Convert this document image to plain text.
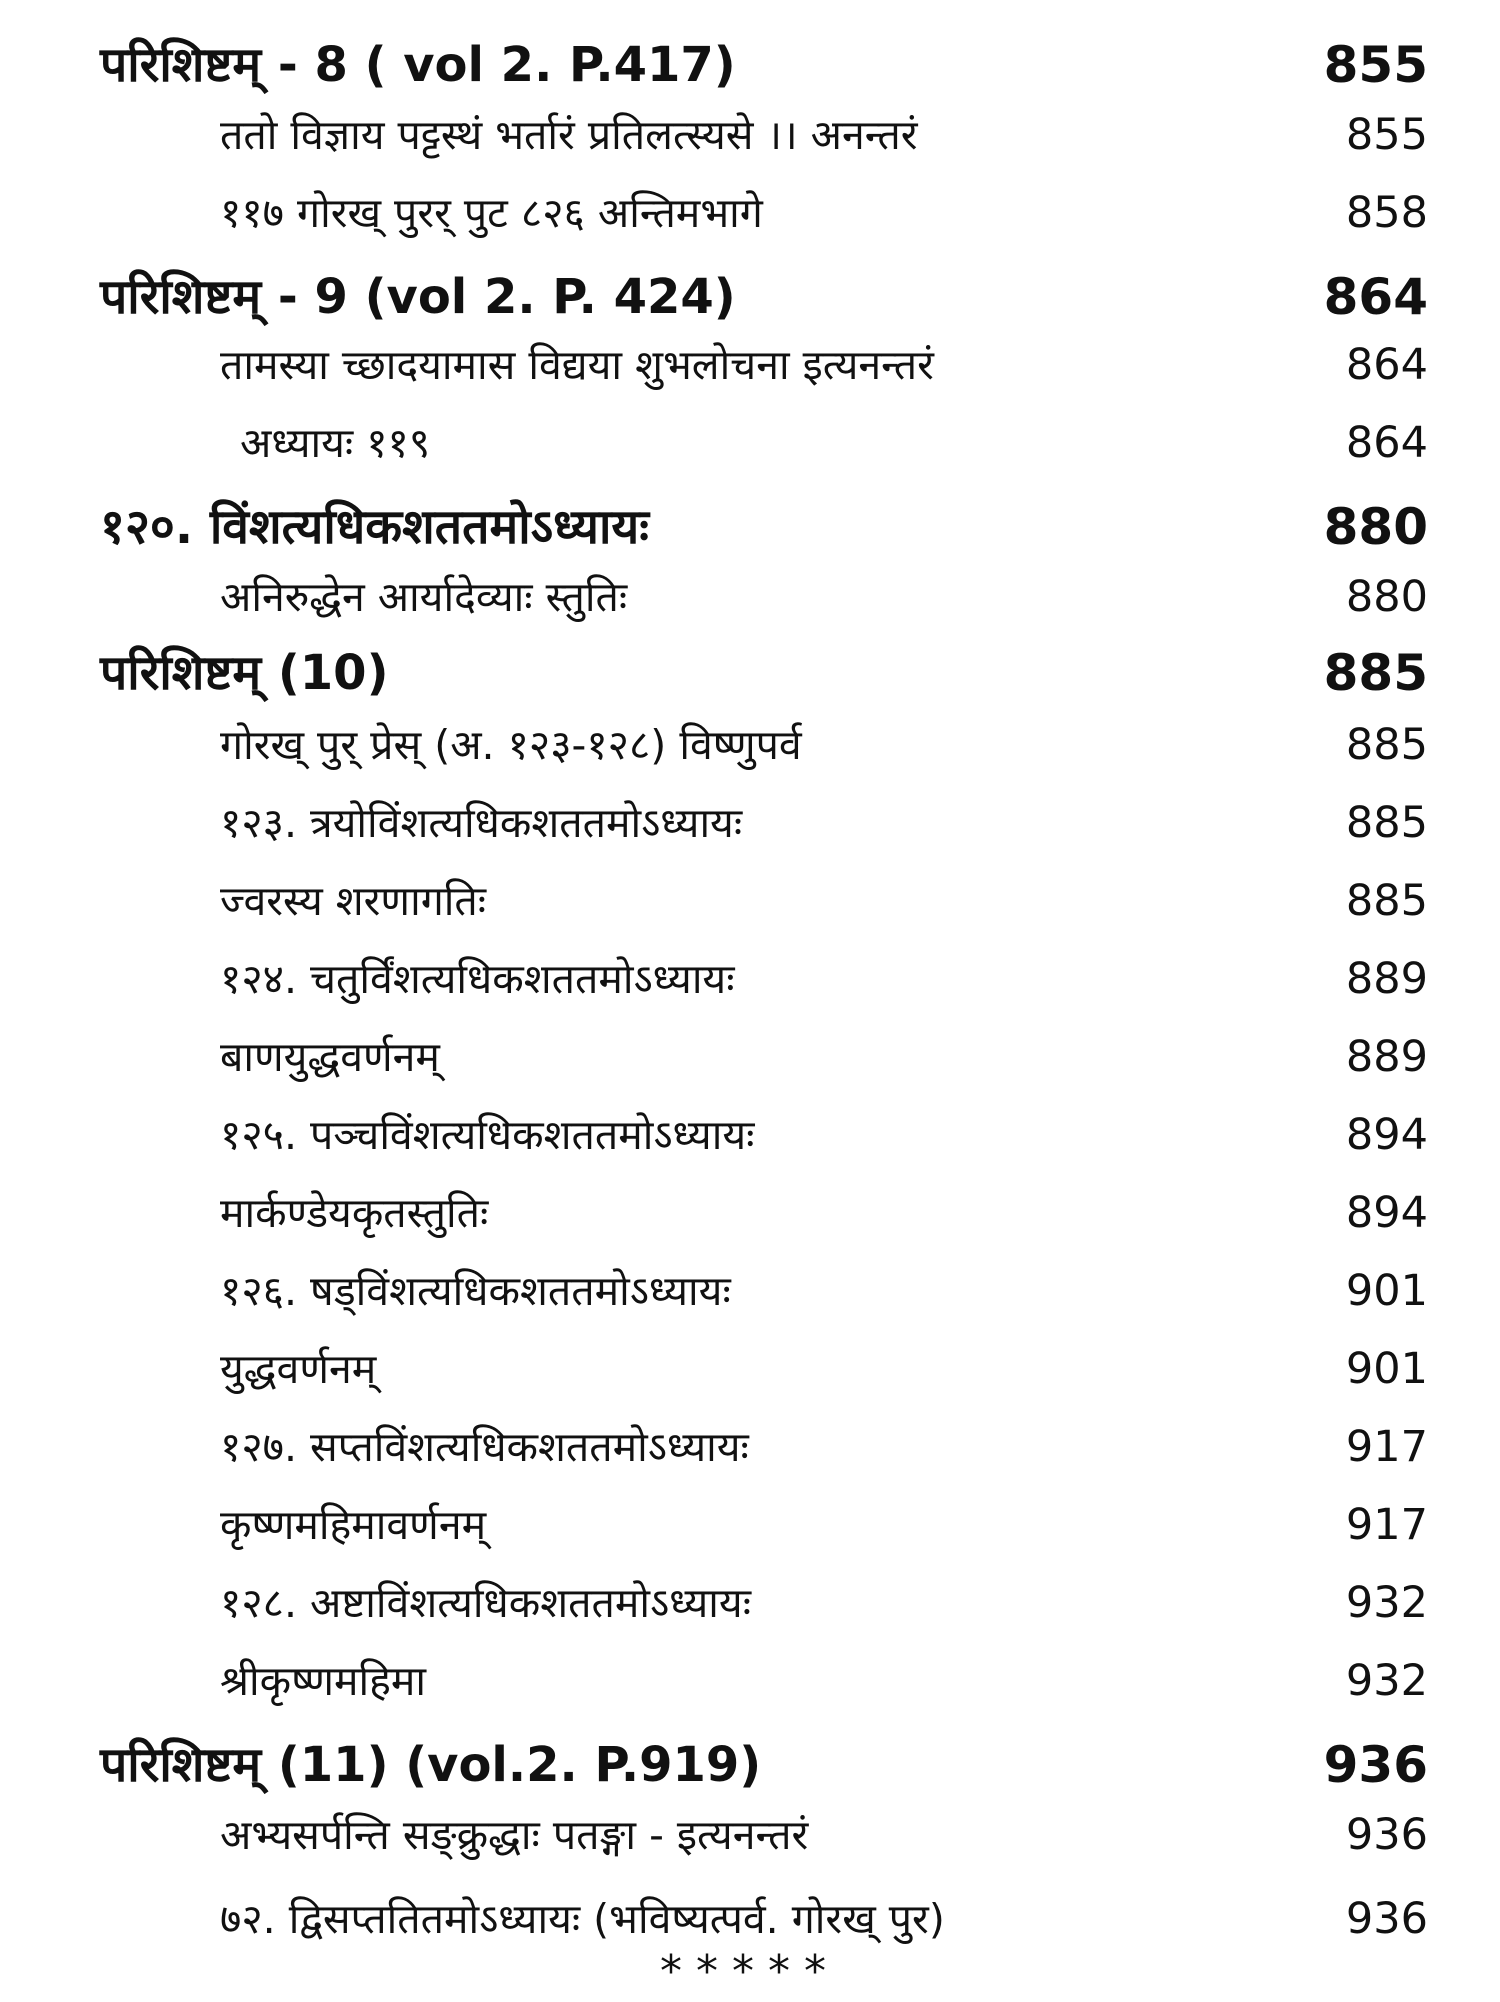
परिशिष्टम् - 8 ( vol 2. P.417)	855
ततो विज्ञाय पट्टस्थं भर्तारं प्रतिलत्स्यसे ।। अनन्तरं	855
११७ गोरख् पुरर् पुट ८२६ अन्तिमभागे	858
परिशिष्टम् - 9 (vol 2. P. 424)	864
तामस्या च्छादयामास विद्यया शुभलोचना इत्यनन्तरं	864
अध्यायः ११९	864
१२०. विंशत्यधिकशततमोऽध्यायः	880
अनिरुद्धेन आर्यादेव्याः स्तुतिः	880
परिशिष्टम् (10)	885
गोरख् पुर् प्रेस् (अ. १२३-१२८) विष्णुपर्व	885
१२३. त्रयोविंशत्यधिकशततमोऽध्यायः	885
ज्वरस्य शरणागतिः	885
१२४. चतुर्विंशत्यधिकशततमोऽध्यायः	889
बाणयुद्धवर्णनम्	889
१२५. पञ्चविंशत्यधिकशततमोऽध्यायः	894
मार्कण्डेयकृतस्तुतिः	894
१२६. षड्विंशत्यधिकशततमोऽध्यायः	901
युद्धवर्णनम्	901
१२७. सप्तविंशत्यधिकशततमोऽध्यायः	917
कृष्णमहिमावर्णनम्	917
१२८. अष्टाविंशत्यधिकशततमोऽध्यायः	932
श्रीकृष्णमहिमा	932
परिशिष्टम् (11) (vol.2. P.919)	936
अभ्यसर्पन्ति सङ्क्रुद्धाः पतङ्गा - इत्यनन्तरं	936
७२. द्विसप्ततितमोऽध्यायः (भविष्यत्पर्व. गोरख् पुर)	936
*****
